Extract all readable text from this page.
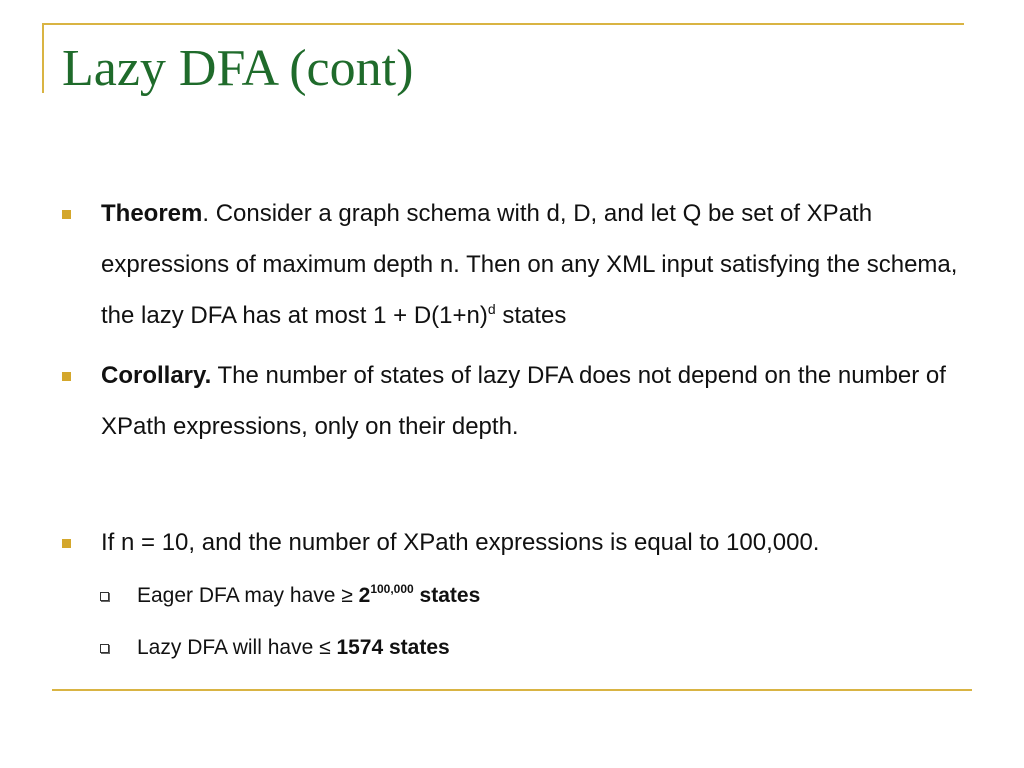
Lazy DFA (cont)

Theorem. Consider a graph schema with d, D, and let Q be set of XPath expressions of maximum depth n. Then on any XML input satisfying the schema, the lazy DFA has at most $1 + D(1+n)^d$ states

Corollary. The number of states of lazy DFA does not depend on the number of XPath expressions, only on their depth.

If n = 10, and the number of XPath expressions is equal to 100,000.

Eager DFA may have ≥ $2^{100,000}$ states

Lazy DFA will have ≤ 1574 states
